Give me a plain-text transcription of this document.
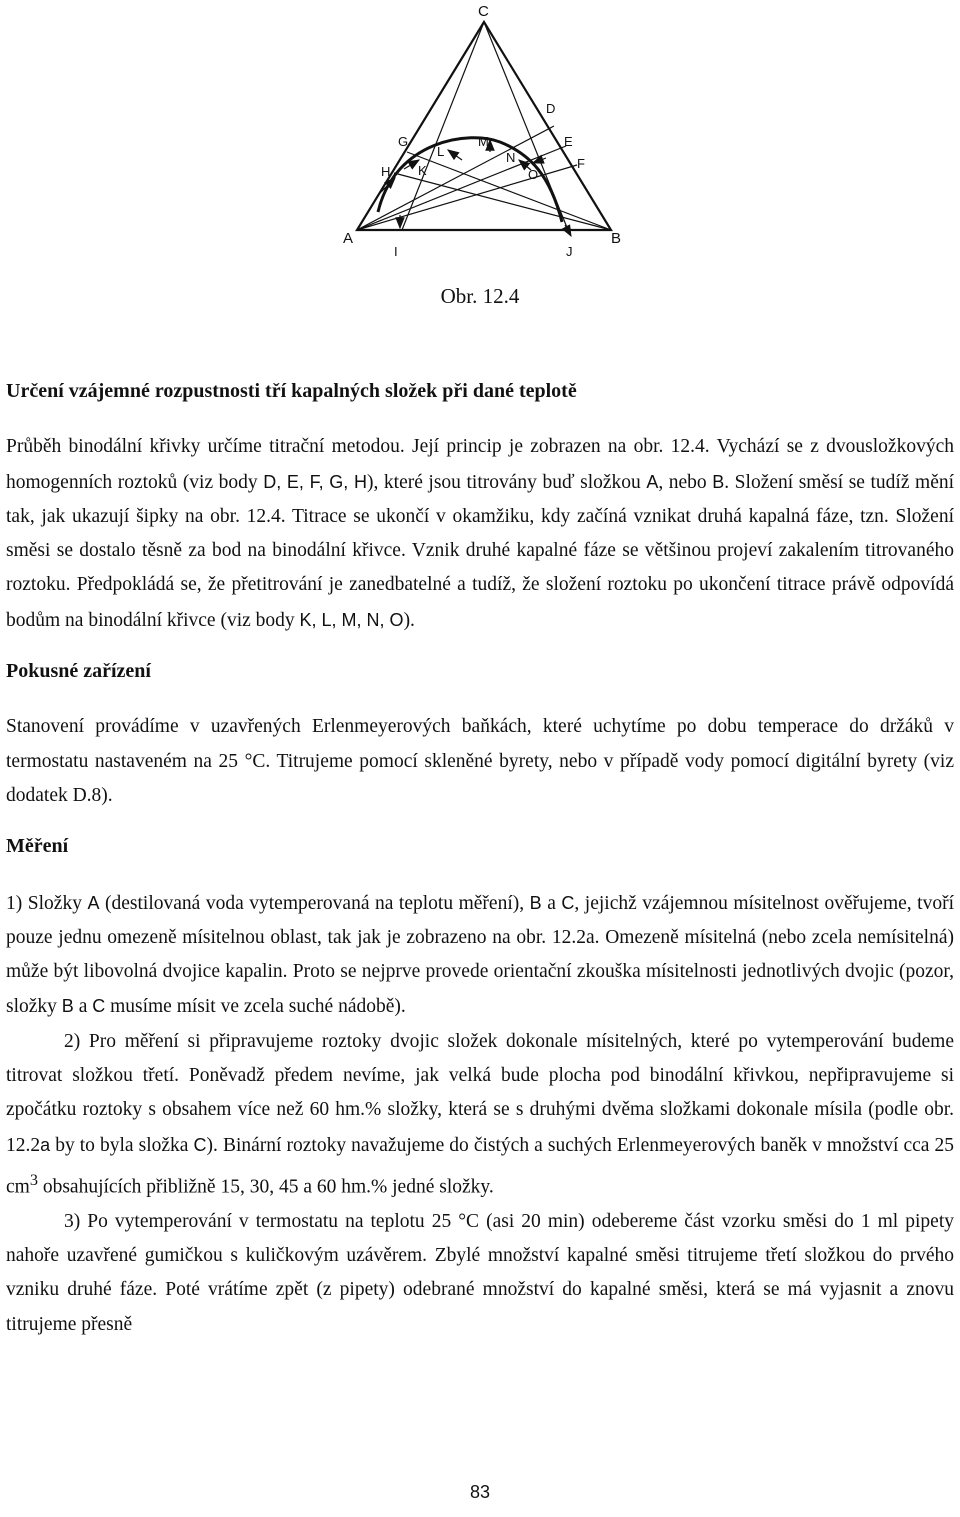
C
A	B
D
E
F
G
H
I	J
K
L
M
N
O
Obr. 12.4
Určení vzájemné rozpustnosti tří kapalných složek při dané teplotě

Průběh binodální křivky určíme titrační metodou. Její princip je zobrazen na obr. 12.4. Vychází se z dvousložkových homogenních roztoků (viz body D, E, F, G, H), které jsou titrovány buď složkou A, nebo B. Složení směsí se tudíž mění tak, jak ukazují šipky na obr. 12.4. Titrace se ukončí v okamžiku, kdy začíná vznikat druhá kapalná fáze, tzn. Složení směsi se dostalo těsně za bod na binodální křivce. Vznik druhé kapalné fáze se většinou projeví zakalením titrovaného roztoku. Předpokládá se, že přetitrování je zanedbatelné a tudíž, že složení roztoku po ukončení titrace právě odpovídá bodům na binodální křivce (viz body K, L, M, N, O).

Pokusné zařízení

Stanovení provádíme v uzavřených Erlenmeyerových baňkách, které uchytíme po dobu temperace do držáků v termostatu nastaveném na 25 °C. Titrujeme pomocí skleněné byrety, nebo v případě vody pomocí digitální byrety (viz dodatek D.8).

Měření

1) Složky A (destilovaná voda vytemperovaná na teplotu měření), B a C, jejichž vzájemnou mísitelnost ověřujeme, tvoří pouze jednu omezeně mísitelnou oblast, tak jak je zobrazeno na obr. 12.2a. Omezeně mísitelná (nebo zcela nemísitelná) může být libovolná dvojice kapalin. Proto se nejprve provede orientační zkouška mísitelnosti jednotlivých dvojic (pozor, složky B a C musíme mísit ve zcela suché nádobě).

2) Pro měření si připravujeme roztoky dvojic složek dokonale mísitelných, které po vytemperování budeme titrovat složkou třetí. Poněvadž předem nevíme, jak velká bude plocha pod binodální křivkou, nepřipravujeme si zpočátku roztoky s obsahem více než 60 hm.% složky, která se s druhými dvěma složkami dokonale mísila (podle obr. 12.2a by to byla složka C). Binární roztoky navažujeme do čistých a suchých Erlenmeyerových baněk v množství cca 25 $cm^3$ obsahujících přibližně 15, 30, 45 a 60 hm.% jedné složky.

3) Po vytemperování v termostatu na teplotu 25 °C (asi 20 min) odebereme část vzorku směsi do 1 ml pipety nahoře uzavřené gumičkou s kuličkovým uzávěrem. Zbylé množství kapalné směsi titrujeme třetí složkou do prvého vzniku druhé fáze. Poté vrátíme zpět (z pipety) odebrané množství do kapalné směsi, která se má vyjasnit a znovu titrujeme přesně

83
